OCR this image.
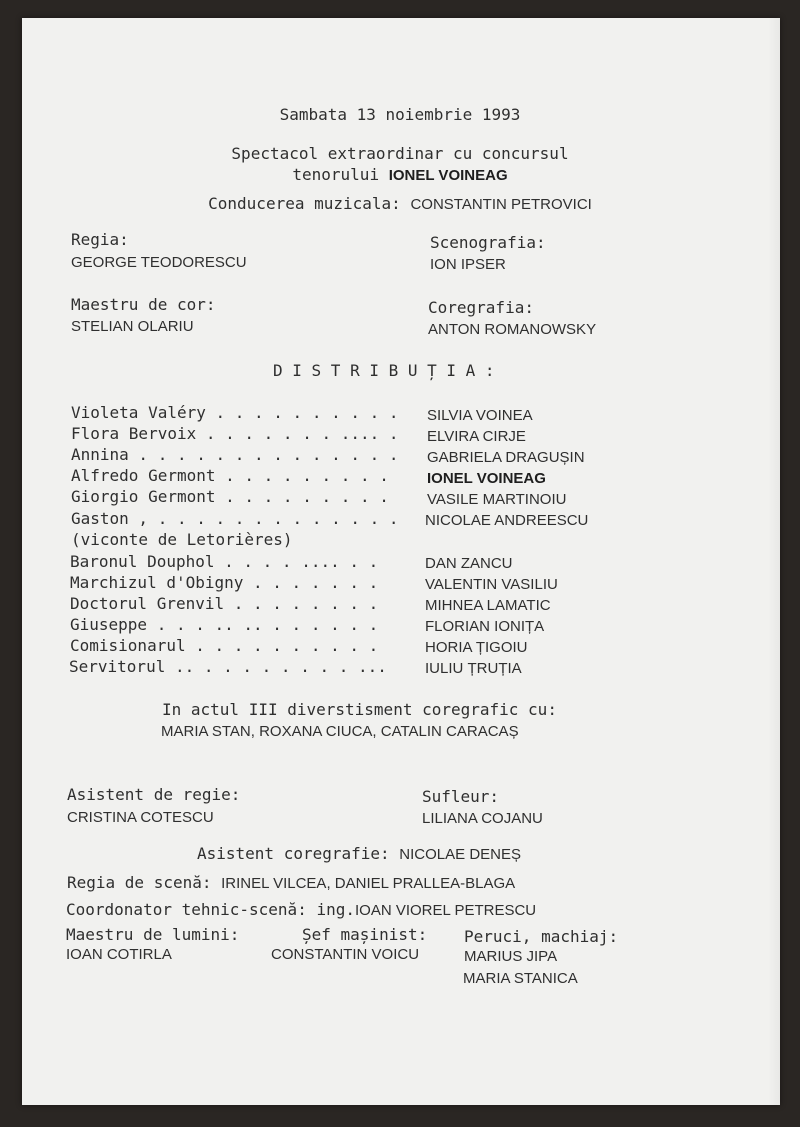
Sambata 13 noiembrie 1993
Spectacol extraordinar cu concursul
tenorului IONEL VOINEAG
Conducerea muzicala: CONSTANTIN PETROVICI
Regia:
GEORGE TEODORESCU
Scenografia:
ION IPSER
Maestru de cor:
STELIAN OLARIU
Coregrafia:
ANTON ROMANOWSKY
D I S T R I B U Ț I A :
Violeta Valéry . . . . . . . . . . SILVIA VOINEA
Flora Bervoix . . . . . . . .... . ELVIRA CIRJE
Annina . . . . . . . . . . . . . . GABRIELA DRAGUȘIN
Alfredo Germont . . . . . . . . .	IONEL VOINEAG
Giorgio Germont . . . . . . . . .	VASILE MARTINOIU
Gaston , . . . . . . . . . . . . . NICOLAE ANDREESCU
(viconte de Letorières)
Baronul Douphol . . . . .... . .	DAN ZANCU
Marchizul d'Obigny . . . . . . .	VALENTIN VASILIU
Doctorul Grenvil . . . . . . . .	MIHNEA LAMATIC
Giuseppe . . . .. .. . . . . . .	FLORIAN IONIȚA
Comisionarul . . . . . . . . . .	HORIA ȚIGOIU
Servitorul .. . . . . . . . . ...	IULIU ȚRUȚIA
In actul III diverstisment coregrafic cu:
MARIA STAN, ROXANA CIUCA, CATALIN CARACAȘ
Asistent de regie:
CRISTINA COTESCU
Sufleur:
LILIANA COJANU
Asistent coregrafie: NICOLAE DENEȘ
Regia de scenă: IRINEL VILCEA, DANIEL PRALLEA-BLAGA
Coordonator tehnic-scenă: ing.IOAN VIOREL PETRESCU
Maestru de lumini:
IOAN COTIRLA
Șef mașinist:
CONSTANTIN VOICU
Peruci, machiaj:
MARIUS JIPA
MARIA STANICA
